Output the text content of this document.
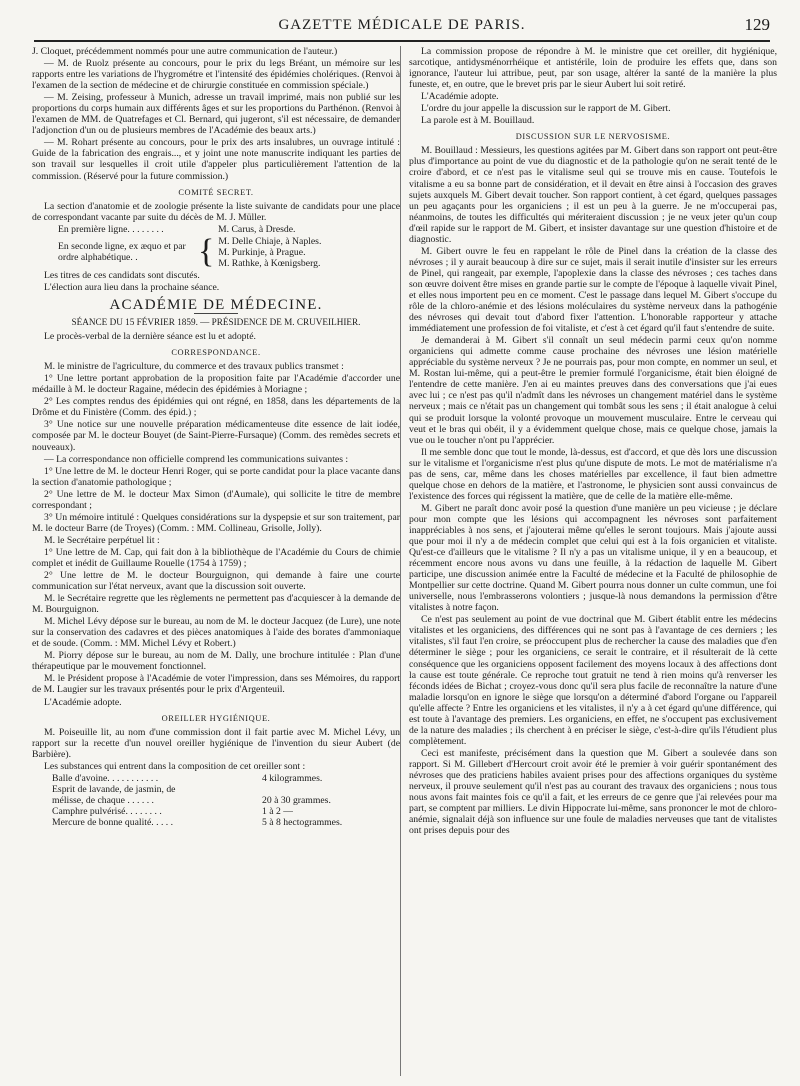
GAZETTE MÉDICALE DE PARIS.	129

J. Cloquet, précédemment nommés pour une autre communication de l'auteur.)

— M. de Ruolz présente au concours, pour le prix du legs Bréant, un mémoire sur les rapports entre les variations de l'hygrométre et l'intensité des épidémies cholériques. (Renvoi à l'examen de la section de médecine et de chirurgie constituée en commission spéciale.)

— M. Zeising, professeur à Munich, adresse un travail imprimé, mais non publié sur les proportions du corps humain aux différents âges et sur les proportions du Parthénon. (Renvoi à l'examen de MM. de Quatrefages et Cl. Bernard, qui jugeront, s'il est nécessaire, de demander l'adjonction d'un ou de plusieurs membres de l'Académie des beaux arts.)

— M. Rohart présente au concours, pour le prix des arts insalubres, un ouvrage intitulé : Guide de la fabrication des engrais..., et y joint une note manuscrite indiquant les parties de son travail sur lesquelles il croit utile d'appeler plus particulièrement l'attention de la commission. (Réservé pour la future commission.)

COMITÉ SECRET.

La section d'anatomie et de zoologie présente la liste suivante de candidats pour une place de correspondant vacante par suite du décès de M. J. Müller.

En première ligne. . . . . . . .	M. Carus, à Dresde.
En seconde ligne, ex æquo et par ordre alphabétique. .	{ M. Delle Chiaje, à Naples.
M. Purkinje, à Prague.
M. Rathke, à Kœnigsberg.

Les titres de ces candidats sont discutés.

L'élection aura lieu dans la prochaine séance.

ACADÉMIE DE MÉDECINE.
SÉANCE DU 15 FÉVRIER 1859. — PRÉSIDENCE DE M. CRUVEILHIER.

Le procès-verbal de la dernière séance est lu et adopté.

CORRESPONDANCE.

M. le ministre de l'agriculture, du commerce et des travaux publics transmet :

1° Une lettre portant approbation de la proposition faite par l'Académie d'accorder une médaille à M. le docteur Ragaine, médecin des épidémies à Moriagne ;

2° Les comptes rendus des épidémies qui ont régné, en 1858, dans les départements de la Drôme et du Finistère (Comm. des épid.) ;

3° Une notice sur une nouvelle préparation médicamenteuse dite essence de lait iodée, composée par M. le docteur Bouyet (de Saint-Pierre-Fursaque) (Comm. des remèdes secrets et nouveaux).

— La correspondance non officielle comprend les communications suivantes :

1° Une lettre de M. le docteur Henri Roger, qui se porte candidat pour la place vacante dans la section d'anatomie pathologique ;

2° Une lettre de M. le docteur Max Simon (d'Aumale), qui sollicite le titre de membre correspondant ;

3° Un mémoire intitulé : Quelques considérations sur la dyspepsie et sur son traitement, par M. le docteur Barre (de Troyes) (Comm. : MM. Collineau, Grisolle, Jolly).

M. le Secrétaire perpétuel lit :

1° Une lettre de M. Cap, qui fait don à la bibliothèque de l'Académie du Cours de chimie complet et inédit de Guillaume Rouelle (1754 à 1759) ;

2° Une lettre de M. le docteur Bourguignon, qui demande à faire une courte communication sur l'état nerveux, avant que la discussion soit ouverte.

M. le Secrétaire regrette que les règlements ne permettent pas d'acquiescer à la demande de M. Bourguignon.

M. Michel Lévy dépose sur le bureau, au nom de M. le docteur Jacquez (de Lure), une note sur la conservation des cadavres et des pièces anatomiques à l'aide des borates d'ammoniaque et de soude. (Comm. : MM. Michel Lévy et Robert.)

M. Piorry dépose sur le bureau, au nom de M. Dally, une brochure intitulée : Plan d'une thérapeutique par le mouvement fonctionnel.

M. le Président propose à l'Académie de voter l'impression, dans ses Mémoires, du rapport de M. Laugier sur les travaux présentés pour le prix d'Argenteuil.

L'Académie adopte.

OREILLER HYGIÉNIQUE.

M. Poiseuille lit, au nom d'une commission dont il fait partie avec M. Michel Lévy, un rapport sur la recette d'un nouvel oreiller hygiénique de l'invention du sieur Aubert (de Barbière).

Les substances qui entrent dans la composition de cet oreiller sont :

Balle d'avoine. . . . . . . . . . .	4 kilogrammes.
Esprit de lavande, de jasmin, de
mélisse, de chaque . . . . . .	20 à 30 grammes.
Camphre pulvérisé. . . . . . . .	1 à 2 —
Mercure de bonne qualité. . . . .	5 à 8 hectogrammes.

La commission propose de répondre à M. le ministre que cet oreiller, dit hygiénique, sarcotique, antidysménorrhéique et antistérile, loin de produire les effets que, dans son ignorance, l'auteur lui attribue, peut, par son usage, altérer la santé de la manière la plus funeste, et, en outre, que le brevet pris par le sieur Aubert lui soit retiré.

L'Académie adopte.

L'ordre du jour appelle la discussion sur le rapport de M. Gibert.

La parole est à M. Bouillaud.

DISCUSSION SUR LE NERVOSISME.

M. Bouillaud : Messieurs, les questions agitées par M. Gibert dans son rapport ont peut-être plus d'importance au point de vue du diagnostic et de la pathologie qu'on ne serait tenté de le croire d'abord, et ce n'est pas le vitalisme seul qui se trouve mis en cause. Toutefois le vitalisme a eu sa bonne part de considération, et il devait en être ainsi à l'occasion des graves sujets auxquels M. Gibert devait toucher. Son rapport contient, à cet égard, quelques passages un peu agaçants pour les organiciens ; il est un peu à la guerre. Je ne m'occuperai pas, néanmoins, de toutes les difficultés qui mériteraient discussion ; je ne veux jeter qu'un coup d'œil rapide sur le rapport de M. Gibert, et insister davantage sur une question d'histoire et de diagnostic.

M. Gibert ouvre le feu en rappelant le rôle de Pinel dans la création de la classe des névroses ; il y aurait beaucoup à dire sur ce sujet, mais il serait inutile d'insister sur les erreurs de Pinel, qui rangeait, par exemple, l'apoplexie dans la classe des névroses ; ces taches dans son œuvre doivent être mises en grande partie sur le compte de l'époque à laquelle vivait Pinel, et elles nous importent peu en ce moment. C'est le passage dans lequel M. Gibert s'occupe du rôle de la chloro-anémie et des lésions moléculaires du système nerveux dans la pathogénie des névroses qui devait tout d'abord fixer l'attention. L'honorable rapporteur y attache immédiatement une profession de foi vitaliste, et c'est à cet égard qu'il faut s'entendre de suite.

Je demanderai à M. Gibert s'il connaît un seul médecin parmi ceux qu'on nomme organiciens qui admette comme cause prochaine des névroses une lésion matérielle appréciable du système nerveux ? Je ne pourrais pas, pour mon compte, en nommer un seul, et M. Rostan lui-même, qui a peut-être le premier formulé l'organicisme, était bien éloigné de l'entendre de cette manière. J'en ai eu maintes preuves dans des conversations que j'ai eues avec lui ; ce n'est pas qu'il n'admît dans les névroses un changement matériel dans le système nerveux ; mais ce n'était pas un changement qui tombât sous les sens ; il était analogue à celui qui se produit lorsque la volonté provoque un mouvement musculaire. Entre le cerveau qui veut et le bras qui obéit, il y a évidemment quelque chose, mais ce quelque chose, jamais la vue ou le toucher n'ont pu l'apprécier.

Il me semble donc que tout le monde, là-dessus, est d'accord, et que dès lors une discussion sur le vitalisme et l'organicisme n'est plus qu'une dispute de mots. Le mot de matérialisme n'a pas de sens, car, même dans les choses matérielles par excellence, il faut bien admettre quelque chose en dehors de la matière, et l'astronome, le physicien sont aussi convaincus de l'existence des forces qui régissent la matière, que de celle de la matière elle-même.

M. Gibert ne paraît donc avoir posé la question d'une manière un peu vicieuse ; je déclare pour mon compte que les lésions qui accompagnent les névroses sont parfaitement inappréciables à nos sens, et j'ajouterai même qu'elles le seront toujours. Mais j'ajoute aussi que pour moi il n'y a de médecin complet que celui qui est à la fois organicien et vitaliste. Qu'est-ce d'ailleurs que le vitalisme ? Il n'y a pas un vitalisme unique, il y en a beaucoup, et récemment encore nous avons vu dans une feuille, à la rédaction de laquelle M. Gibert participe, une discussion animée entre la Faculté de médecine et la Faculté de philosophie de Montpellier sur cette doctrine. Quand M. Gibert pourra nous donner un culte commun, une foi universelle, nous l'embrasserons volontiers ; jusque-là nous demandons la permission d'être vitalistes à notre façon.

Ce n'est pas seulement au point de vue doctrinal que M. Gibert établit entre les médecins vitalistes et les organiciens, des différences qui ne sont pas à l'avantage de ces derniers ; les vitalistes, s'il faut l'en croire, se préoccupent plus de rechercher la cause des maladies que d'en déterminer le siège ; pour les organiciens, ce serait le contraire, et il résulterait de là cette conséquence que les organiciens opposent facilement des moyens locaux à des affections dont la cause est toute générale. Ce reproche tout gratuit ne tend à rien moins qu'à renverser les féconds idées de Bichat ; croyez-vous donc qu'il sera plus facile de reconnaître la nature d'une maladie lorsqu'on en ignore le siège que lorsqu'on a déterminé d'abord l'organe ou l'appareil qu'elle affecte ? Entre les organiciens et les vitalistes, il n'y a à cet égard qu'une différence, qui est toute à l'avantage des premiers. Les organiciens, en effet, ne s'occupent pas exclusivement de la nature des maladies ; ils cherchent à en préciser le siège, c'est-à-dire qu'ils l'étudient plus complètement.

Ceci est manifeste, précisément dans la question que M. Gibert a soulevée dans son rapport. Si M. Gillebert d'Hercourt croit avoir été le premier à voir guérir spontanément des névroses que des praticiens habiles avaient prises pour des affections organiques du système nerveux, il prouve seulement qu'il n'est pas au courant des travaux des organiciens ; nous tous nous avons fait maintes fois ce qu'il a fait, et les erreurs de ce genre que j'ai relevées pour ma part, se comptent par milliers. Le divin Hippocrate lui-même, sans prononcer le mot de chloro-anémie, signalait déjà son influence sur une foule de maladies nerveuses que tant de vitalistes ont prises depuis pour des
